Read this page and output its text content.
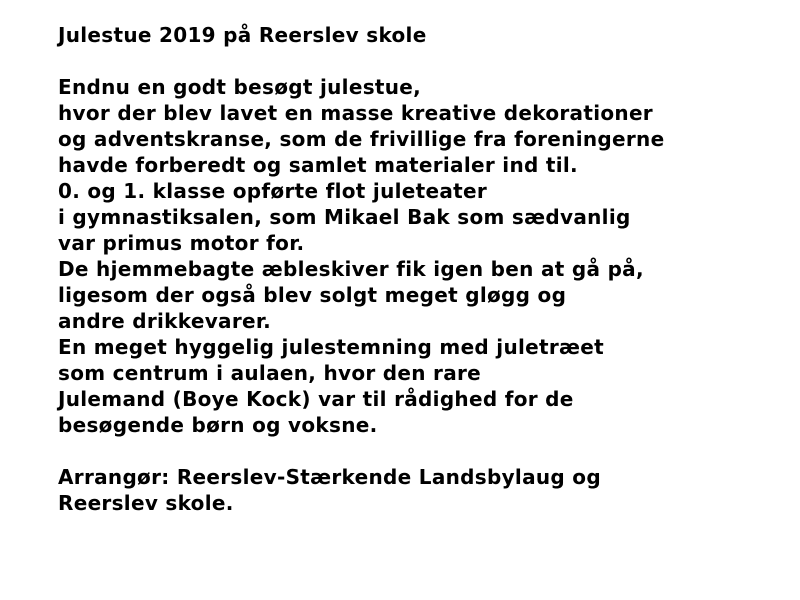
Julestue 2019 på Reerslev skole
Endnu en godt besøgt julestue,
hvor der blev lavet en masse kreative dekorationer
og adventskranse, som de frivillige fra foreningerne
havde forberedt og samlet materialer ind til.
0. og 1. klasse opførte flot juleteater
i gymnastiksalen, som Mikael Bak som sædvanlig
var primus motor for.
De hjemmebagte æbleskiver fik igen ben at gå på,
ligesom der også blev solgt meget gløgg og
andre drikkevarer.
En meget hyggelig julestemning med juletræet
som centrum i aulaen, hvor den rare
Julemand (Boye Kock) var til rådighed for de
besøgende børn og voksne.
Arrangør: Reerslev-Stærkende Landsbylaug og
Reerslev skole.
